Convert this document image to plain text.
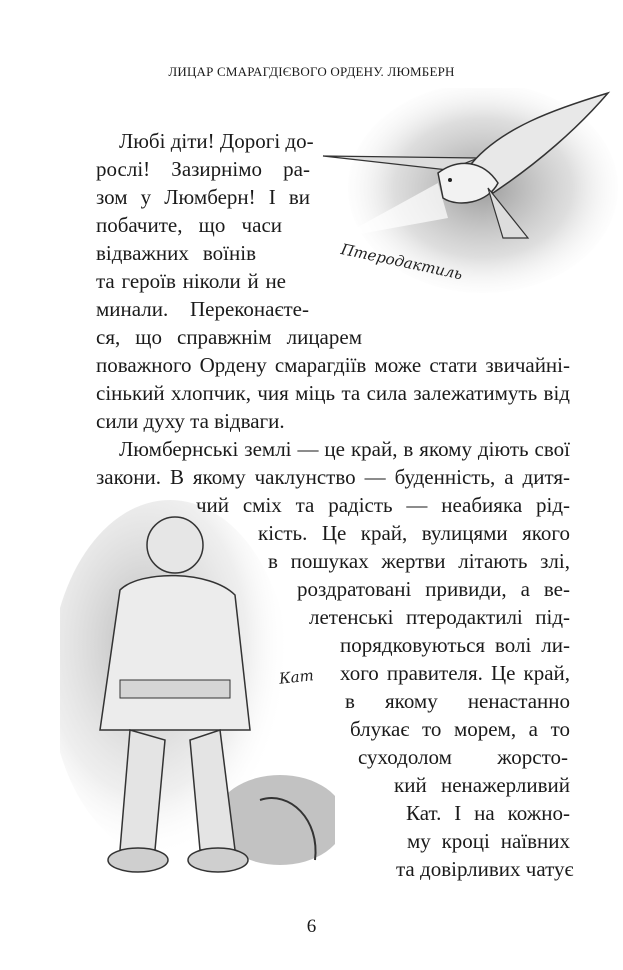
ЛИЦАР СМАРАГДІЄВОГО ОРДЕНУ. ЛЮМБЕРН
Птеродактиль
Кат
Любі діти! Дорогі до-
рослі! Зазирнімо ра-
зом у Люмберн! І ви
побачите, що часи
відважних воїнів
та героїв ніколи й не
минали. Переконаєте-
ся, що справжнім лицарем
поважного Ордену смарагдіїв може стати звичайні-
сінький хлопчик, чия міць та сила залежатимуть від
сили духу та відваги.
Люмбернські землі — це край, в якому діють свої
закони. В якому чаклунство — буденність, а дитя-
чий сміх та радість — неабияка рід-
кість. Це край, вулицями якого
в пошуках жертви літають злі,
роздратовані привиди, а ве-
летенські птеродактилі під-
порядковуються волі ли-
хого правителя. Це край,
в якому ненастанно
блукає то морем, а то
суходолом жорсто-
кий ненажерливий
Кат. І на кожно-
му кроці наївних
та довірливих чатує
6
